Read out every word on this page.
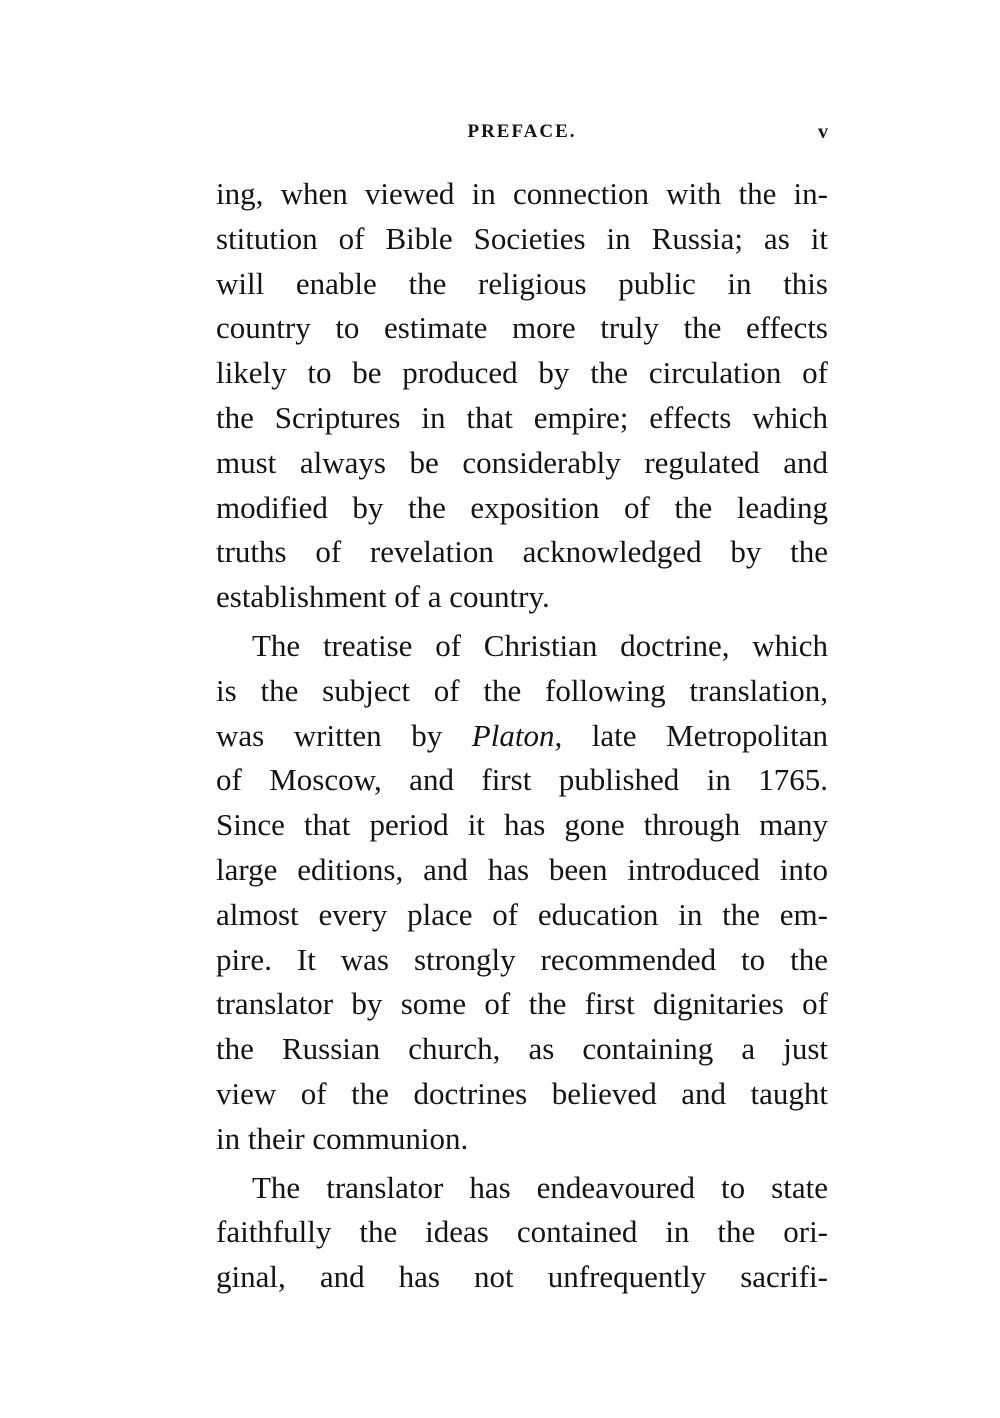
PREFACE.	v
ing, when viewed in connection with the in-
stitution of Bible Societies in Russia; as it
will enable the religious public in this
country to estimate more truly the effects
likely to be produced by the circulation of
the Scriptures in that empire; effects which
must always be considerably regulated and
modified by the exposition of the leading
truths of revelation acknowledged by the
establishment of a country.
The treatise of Christian doctrine, which
is the subject of the following translation,
was written by Platon, late Metropolitan
of Moscow, and first published in 1765.
Since that period it has gone through many
large editions, and has been introduced into
almost every place of education in the em-
pire. It was strongly recommended to the
translator by some of the first dignitaries of
the Russian church, as containing a just
view of the doctrines believed and taught
in their communion.
The translator has endeavoured to state
faithfully the ideas contained in the ori-
ginal, and has not unfrequently sacrifi-
